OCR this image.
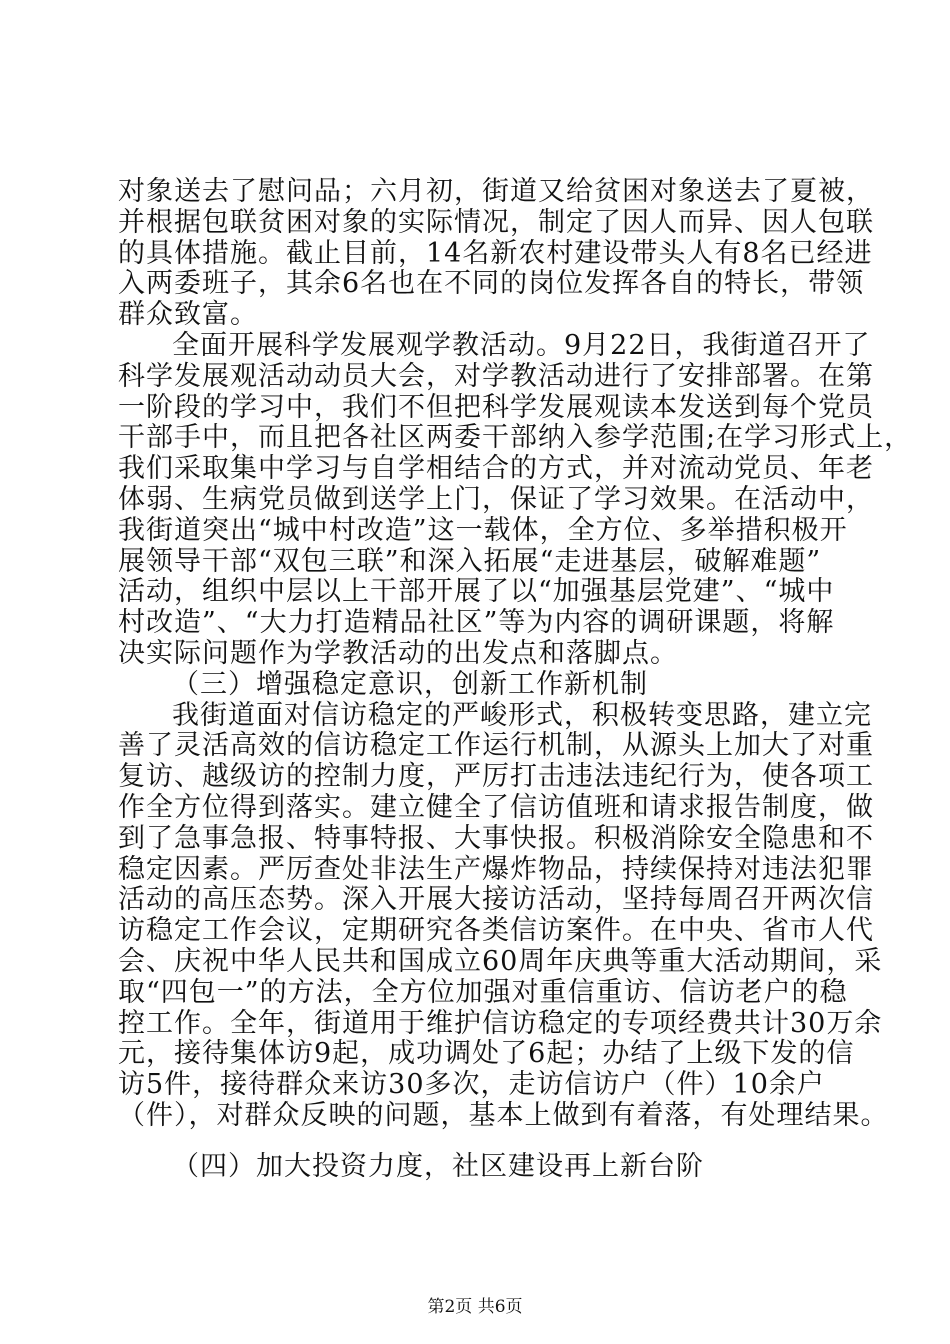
对象送去了慰问品；六月初，街道又给贫困对象送去了夏被，
并根据包联贫困对象的实际情况，制定了因人而异、因人包联
的具体措施。截止目前，14名新农村建设带头人有8名已经进
入两委班子，其余6名也在不同的岗位发挥各自的特长，带领
群众致富。
全面开展科学发展观学教活动。9月22日，我街道召开了
科学发展观活动动员大会，对学教活动进行了安排部署。在第
一阶段的学习中，我们不但把科学发展观读本发送到每个党员
干部手中，而且把各社区两委干部纳入参学范围;在学习形式上，
我们采取集中学习与自学相结合的方式，并对流动党员、年老
体弱、生病党员做到送学上门，保证了学习效果。在活动中，
我街道突出“城中村改造”这一载体，全方位、多举措积极开
展领导干部“双包三联”和深入拓展“走进基层，破解难题”
活动，组织中层以上干部开展了以“加强基层党建”、“城中
村改造”、“大力打造精品社区”等为内容的调研课题，将解
决实际问题作为学教活动的出发点和落脚点。
（三）增强稳定意识，创新工作新机制
我街道面对信访稳定的严峻形式，积极转变思路，建立完
善了灵活高效的信访稳定工作运行机制，从源头上加大了对重
复访、越级访的控制力度，严厉打击违法违纪行为，使各项工
作全方位得到落实。建立健全了信访值班和请求报告制度，做
到了急事急报、特事特报、大事快报。积极消除安全隐患和不
稳定因素。严厉查处非法生产爆炸物品，持续保持对违法犯罪
活动的高压态势。深入开展大接访活动，坚持每周召开两次信
访稳定工作会议，定期研究各类信访案件。在中央、省市人代
会、庆祝中华人民共和国成立60周年庆典等重大活动期间，采
取“四包一”的方法，全方位加强对重信重访、信访老户的稳
控工作。全年，街道用于维护信访稳定的专项经费共计30万余
元，接待集体访9起，成功调处了6起；办结了上级下发的信
访5件，接待群众来访30多次，走访信访户（件）10余户
（件），对群众反映的问题，基本上做到有着落，有处理结果。
（四）加大投资力度，社区建设再上新台阶
第2页 共6页
